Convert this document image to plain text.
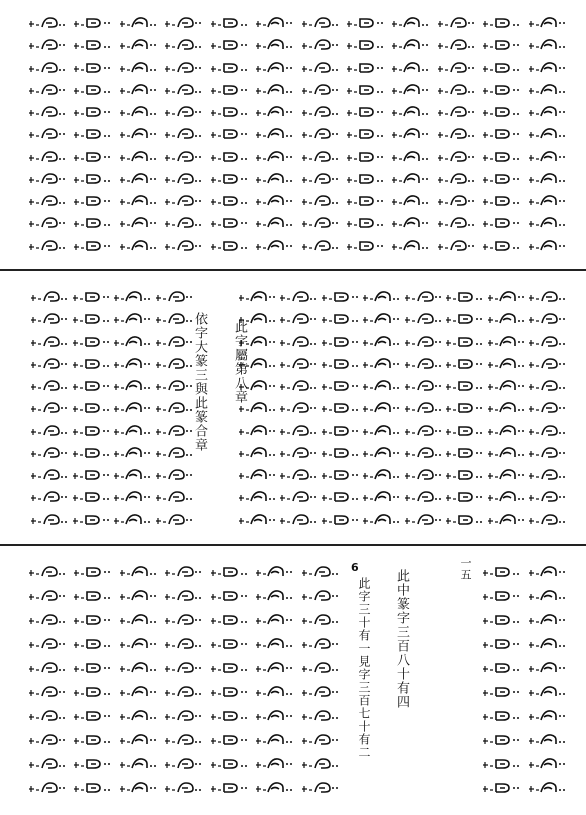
依字大篆三與此篆合章 此字屬第八章
6
此字三十有一見字三百七十有二 此中篆字三百八十有四	一五
